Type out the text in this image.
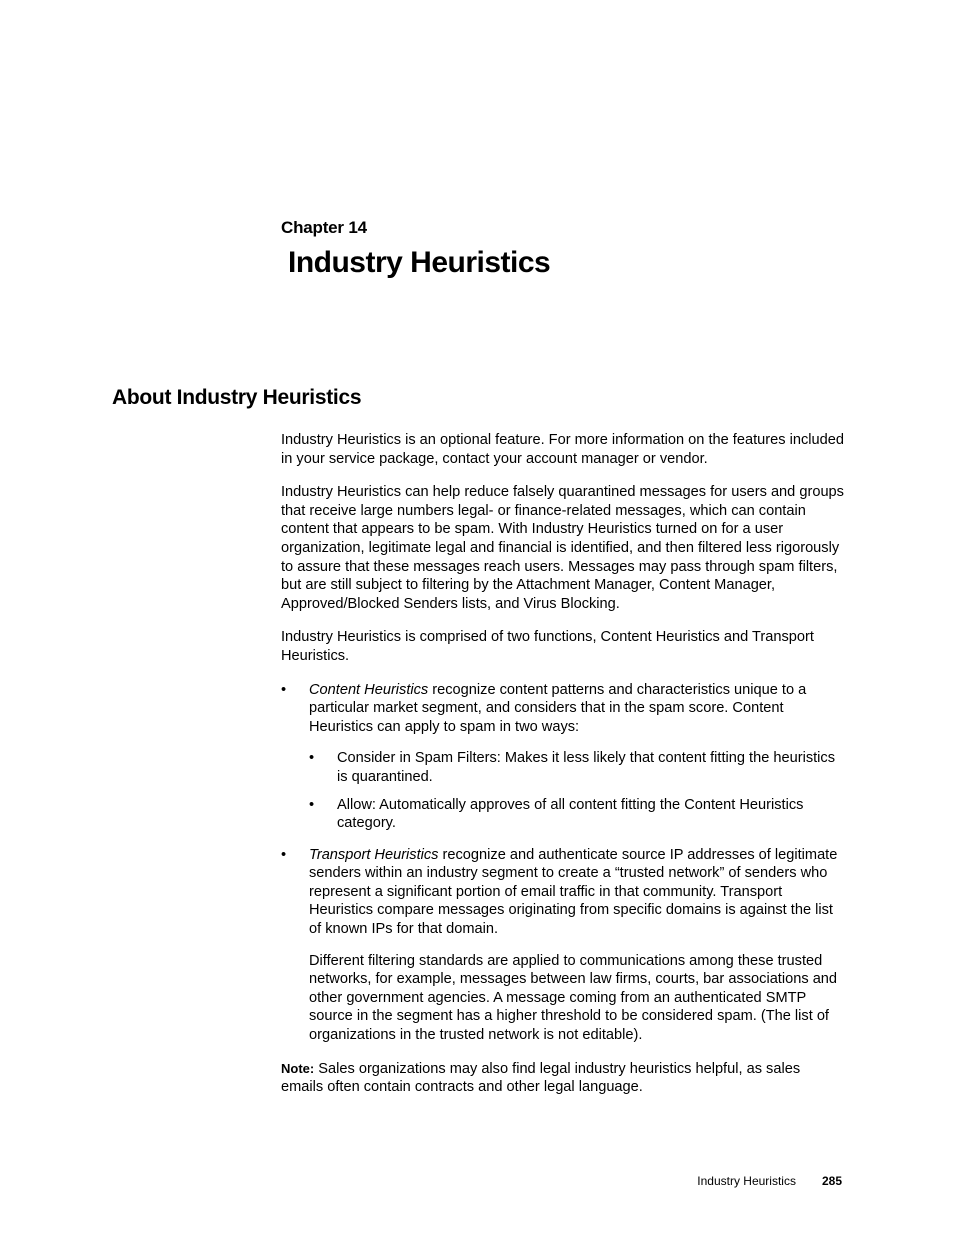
Chapter 14
Industry Heuristics
About Industry Heuristics

Industry Heuristics is an optional feature. For more information on the features included in your service package, contact your account manager or vendor.

Industry Heuristics can help reduce falsely quarantined messages for users and groups that receive large numbers legal- or finance-related messages, which can contain content that appears to be spam. With Industry Heuristics turned on for a user organization, legitimate legal and financial is identified, and then filtered less rigorously to assure that these messages reach users. Messages may pass through spam filters, but are still subject to filtering by the Attachment Manager, Content Manager, Approved/Blocked Senders lists, and Virus Blocking.

Industry Heuristics is comprised of two functions, Content Heuristics and Transport Heuristics.

• Content Heuristics recognize content patterns and characteristics unique to a particular market segment, and considers that in the spam score. Content Heuristics can apply to spam in two ways:
• Consider in Spam Filters: Makes it less likely that content fitting the heuristics is quarantined.
• Allow: Automatically approves of all content fitting the Content Heuristics category.
• Transport Heuristics recognize and authenticate source IP addresses of legitimate senders within an industry segment to create a “trusted network” of senders who represent a significant portion of email traffic in that community. Transport Heuristics compare messages originating from specific domains is against the list of known IPs for that domain.
Different filtering standards are applied to communications among these trusted networks, for example, messages between law firms, courts, bar associations and other government agencies. A message coming from an authenticated SMTP source in the segment has a higher threshold to be considered spam. (The list of organizations in the trusted network is not editable).

Note: Sales organizations may also find legal industry heuristics helpful, as sales emails often contain contracts and other legal language.

Industry Heuristics 285
